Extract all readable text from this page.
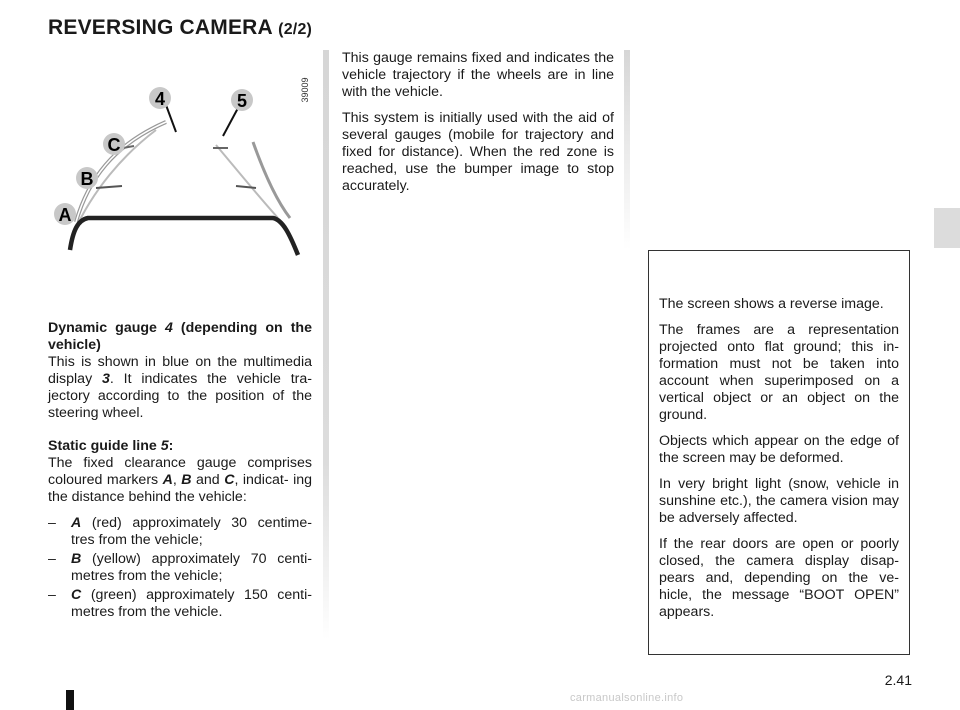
REVERSING CAMERA (2/2)
4	5
C
B
A
39009
Dynamic gauge 4 (depending on the vehicle)
This is shown in blue on the multimedia display 3. It indicates the vehicle tra- jectory according to the position of the steering wheel.
Static guide line 5:
The fixed clearance gauge comprises coloured markers A, B and C, indicat- ing the distance behind the vehicle:
– A (red) approximately 30 centime- tres from the vehicle;
– B (yellow) approximately 70 centi- metres from the vehicle;
– C (green) approximately 150 centi- metres from the vehicle.

This gauge remains fixed and indicates the vehicle trajectory if the wheels are in line with the vehicle.

This system is initially used with the aid of several gauges (mobile for trajectory and fixed for distance). When the red zone is reached, use the bumper image to stop accurately.

The screen shows a reverse image.

The frames are a representation projected onto flat ground; this in- formation must not be taken into account when superimposed on a vertical object or an object on the ground.

Objects which appear on the edge of the screen may be deformed.

In very bright light (snow, vehicle in sunshine etc.), the camera vision may be adversely affected.

If the rear doors are open or poorly closed, the camera display disap- pears and, depending on the ve- hicle, the message “BOOT OPEN” appears.

2.41
carmanualsonline.info
